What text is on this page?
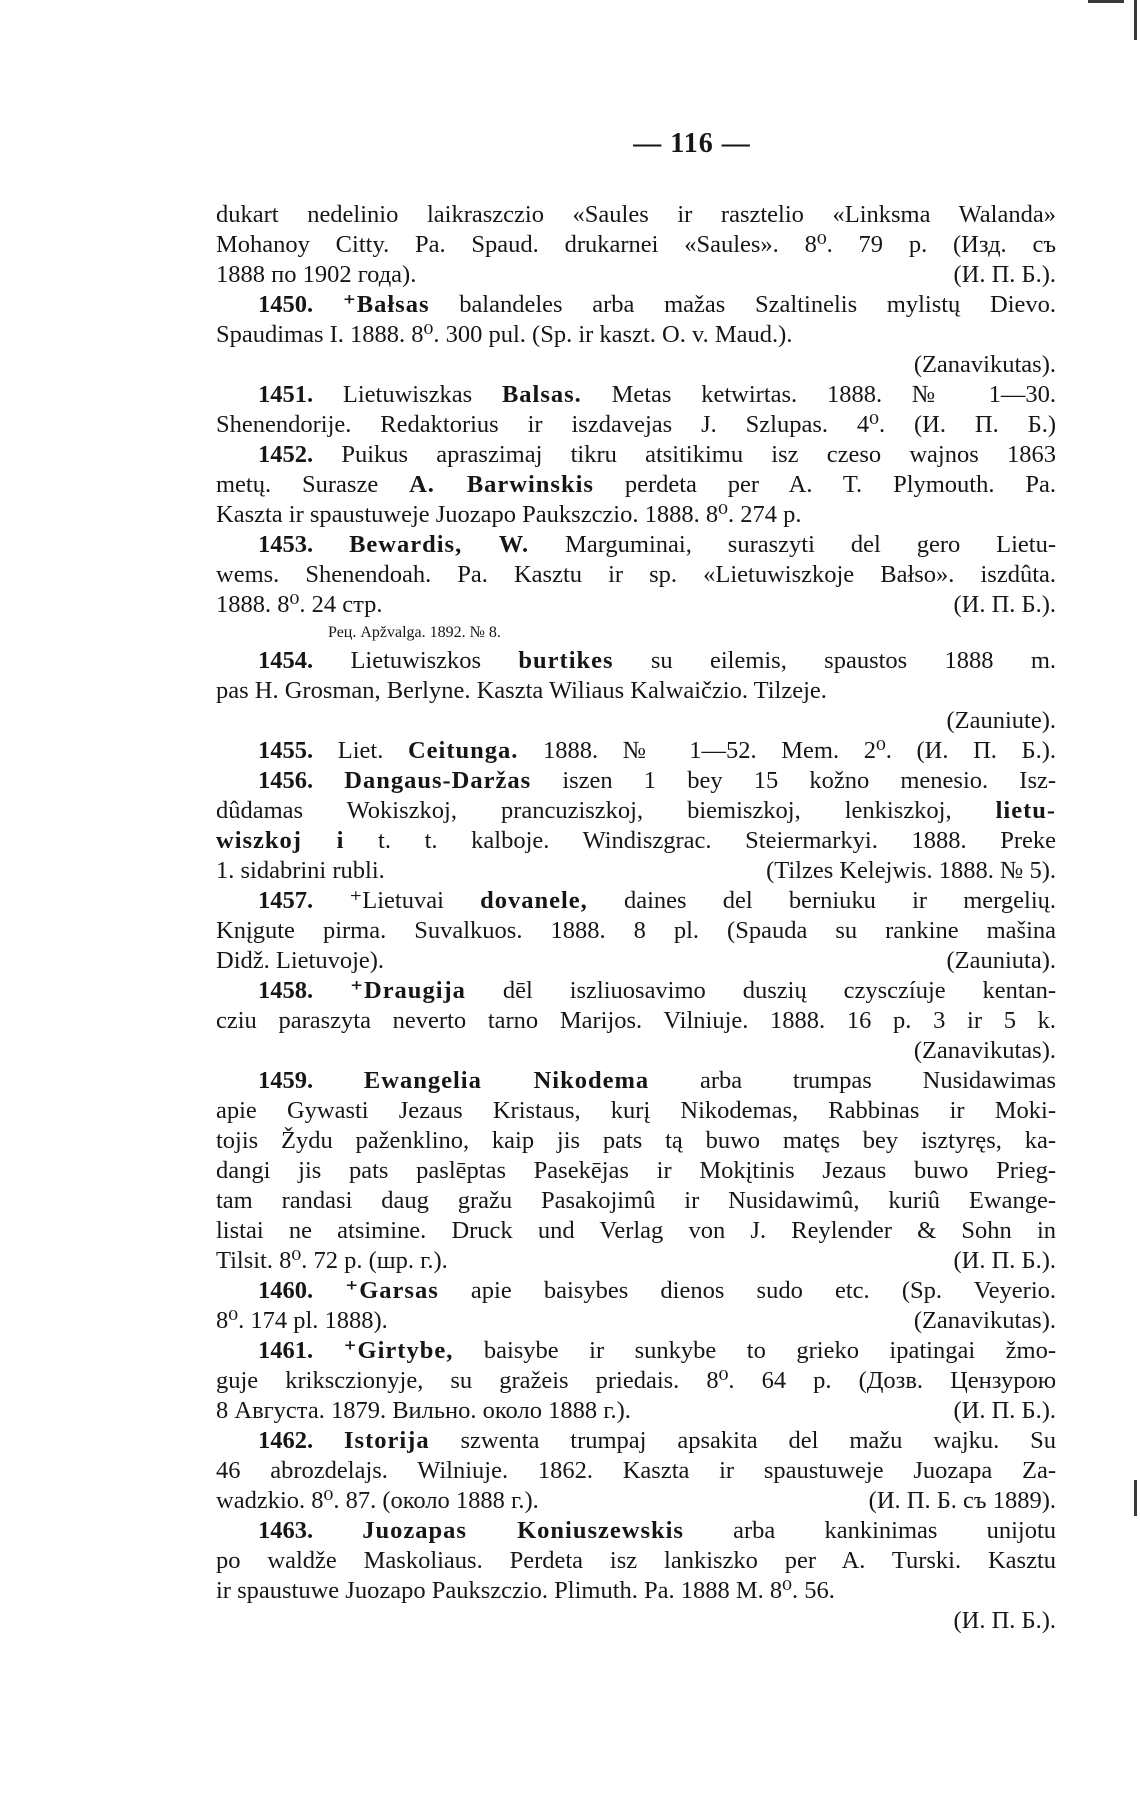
— 116 —
dukart nedelinio laikraszczio «Saules ir rasztelio «Linksma Walanda»
Mohanoy Citty. Pa. Spaud. drukarnei «Saules». 8⁰. 79 p. (Изд. съ
1888 по 1902 года).	(И. П. Б.).
1450. ⁺Bałsas balandeles arba mažas Szaltinelis mylistų Dievo.
Spaudimas I. 1888. 8⁰. 300 pul. (Sp. ir kaszt. O. v. Maud.).
(Zanavikutas).
1451. Lietuwiszkas Balsas. Metas ketwirtas. 1888. № 1—30.
Shenendorije. Redaktorius ir iszdavejas J. Szlupas. 4⁰. (И. П. Б.)
1452. Puikus apraszimaj tikru atsitikimu isz czeso wajnos 1863
metų. Surasze A. Barwinskis perdeta per A. T. Plymouth. Pa.
Kaszta ir spaustuweje Juozapo Paukszczio. 1888. 8⁰. 274 p.
1453. Bewardis, W. Marguminai, suraszyti del gero Lietu-
wems. Shenendoah. Pa. Kasztu ir sp. «Lietuwiszkoje Bałso». iszdûta.
1888. 8⁰. 24 стр.	(И. П. Б.).
Рец. Apžvalga. 1892. № 8.
1454. Lietuwiszkos burtikes su eilemis, spaustos 1888 m.
pas H. Grosman, Berlyne. Kaszta Wiliaus Kalwaičzio. Tilzeje.
(Zauniute).
1455. Liet. Ceitunga. 1888. № 1—52. Mem. 2⁰. (И. П. Б.).
1456. Dangaus-Daržas iszen 1 bey 15 kožno menesio. Isz-
dûdamas Wokiszkoj, prancuziszkoj, biemiszkoj, lenkiszkoj, lietu-
wiszkoj i t. t. kalboje. Windiszgrac. Steiermarkyi. 1888. Preke
1. sidabrini rubli.	(Tilzes Kelejwis. 1888. № 5).
1457. ⁺Lietuvai dovanele, daines del berniuku ir mergelių.
Knįgute pirma. Suvalkuos. 1888. 8 pl. (Spauda su rankine mašina
Didž. Lietuvoje).	(Zauniuta).
1458. ⁺Draugija dēl iszliuosavimo duszių czysczíuje kentan-
cziu paraszyta neverto tarno Marijos. Vilniuje. 1888. 16 p. 3 ir 5 k.
(Zanavikutas).
1459. Ewangelia Nikodema arba trumpas Nusidawimas
apie Gywasti Jezaus Kristaus, kurį Nikodemas, Rabbinas ir Moki-
tojis Žydu paženklino, kaip jis pats tą buwo matęs bey isztyręs, ka-
dangi jis pats paslēptas Pasekējas ir Mokįtinis Jezaus buwo Prieg-
tam randasi daug gražu Pasakojimû ir Nusidawimû, kuriû Ewange-
listai ne atsimine. Druck und Verlag von J. Reylender & Sohn in
Tilsit. 8⁰. 72 p. (шр. г.).	(И. П. Б.).
1460. ⁺Garsas apie baisybes dienos sudo etc. (Sp. Veyerio.
8⁰. 174 pl. 1888).	(Zanavikutas).
1461. ⁺Girtybe, baisybe ir sunkybe to grieko ipatingai žmo-
guje kriksczionyje, su gražeis priedais. 8⁰. 64 p. (Дозв. Цензурою
8 Августа. 1879. Вильно. около 1888 г.).	(И. П. Б.).
1462. Istorija szwenta trumpaj apsakita del mažu wajku. Su
46 abrozdelajs. Wilniuje. 1862. Kaszta ir spaustuweje Juozapa Za-
wadzkio. 8⁰. 87. (около 1888 г.).	(И. П. Б. съ 1889).
1463. Juozapas Koniuszewskis arba kankinimas unijotu
po waldže Maskoliaus. Perdeta isz lankiszko per A. Turski. Kasztu
ir spaustuwe Juozapo Paukszczio. Plimuth. Pa. 1888 M. 8⁰. 56.
(И. П. Б.).
